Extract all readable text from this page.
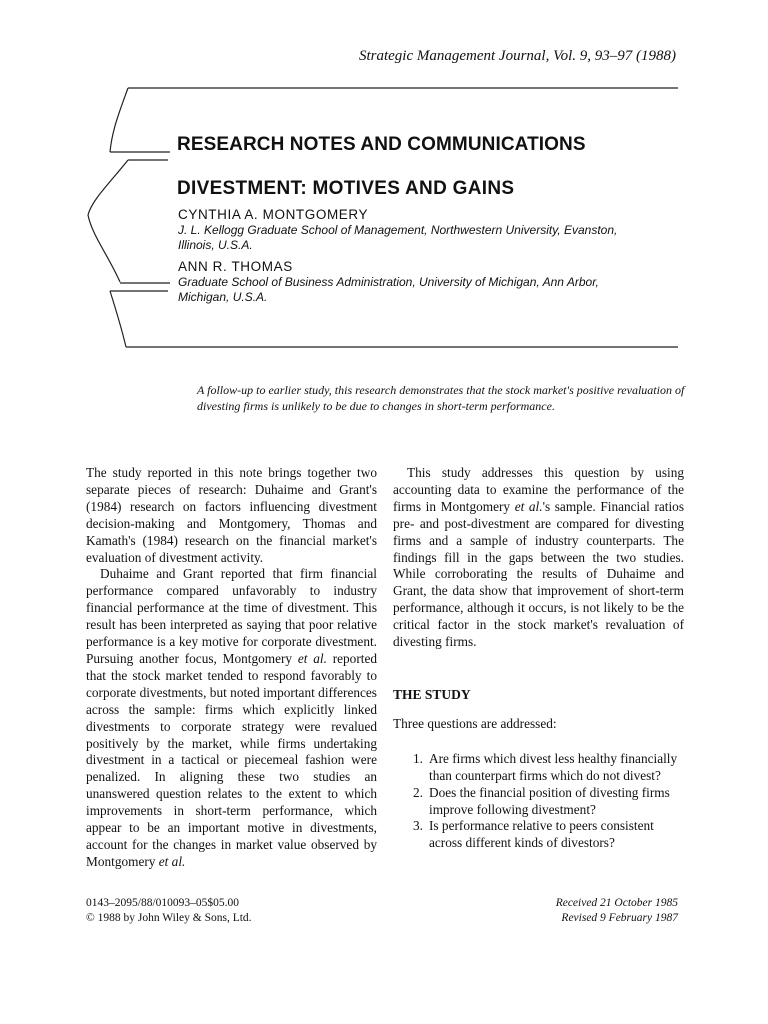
Strategic Management Journal, Vol. 9, 93–97 (1988)
RESEARCH NOTES AND COMMUNICATIONS
DIVESTMENT: MOTIVES AND GAINS
CYNTHIA A. MONTGOMERY
J. L. Kellogg Graduate School of Management, Northwestern University, Evanston,
Illinois, U.S.A.
ANN R. THOMAS
Graduate School of Business Administration, University of Michigan, Ann Arbor,
Michigan, U.S.A.
A follow-up to earlier study, this research demonstrates that the stock market's positive revaluation of divesting firms is unlikely to be due to changes in short-term performance.

The study reported in this note brings together two separate pieces of research: Duhaime and Grant's (1984) research on factors influencing divestment decision-making and Montgomery, Thomas and Kamath's (1984) research on the financial market's evaluation of divestment activity.

Duhaime and Grant reported that firm financial performance compared unfavorably to industry financial performance at the time of divestment. This result has been interpreted as saying that poor relative performance is a key motive for corporate divestment. Pursuing another focus, Montgomery et al. reported that the stock market tended to respond favorably to corporate divestments, but noted important differences across the sample: firms which explicitly linked divestments to corporate strategy were revalued positively by the market, while firms undertaking divestment in a tactical or piecemeal fashion were penalized. In aligning these two studies an unanswered question relates to the extent to which improvements in short-term performance, which appear to be an important motive in divestments, account for the changes in market value observed by Montgomery et al.

This study addresses this question by using accounting data to examine the performance of the firms in Montgomery et al.'s sample. Financial ratios pre- and post-divestment are compared for divesting firms and a sample of industry counterparts. The findings fill in the gaps between the two studies. While corroborating the results of Duhaime and Grant, the data show that improvement of short-term performance, although it occurs, is not likely to be the critical factor in the stock market's revaluation of divesting firms.

THE STUDY

Three questions are addressed:

1. Are firms which divest less healthy financially than counterpart firms which do not divest?
2. Does the financial position of divesting firms improve following divestment?
3. Is performance relative to peers consistent across different kinds of divestors?
0143–2095/88/010093–05$05.00
© 1988 by John Wiley & Sons, Ltd.
Received 21 October 1985
Revised 9 February 1987
